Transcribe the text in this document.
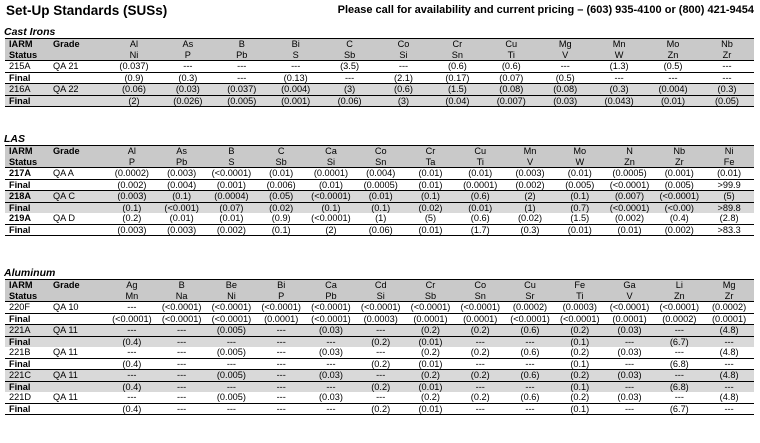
Set-Up Standards (SUSs)	Please call for availability and current pricing – (603) 935-4100 or (800) 421-9454
Cast Irons
IARM	Grade	Al	As	B	Bi	C	Co	Cr	Cu	Mg	Mn	Mo	Nb
Status		Ni	P	Pb	S	Sb	Si	Sn	Ti	V	W	Zn	Zr
215A	QA 21	(0.037)	---	---	---	(3.5)	---	(0.6)	(0.6)	---	(1.3)	(0.5)	---
Final		(0.9)	(0.3)	---	(0.13)	---	(2.1)	(0.17)	(0.07)	(0.5)	---	---	---
216A	QA 22	(0.06)	(0.03)	(0.037)	(0.004)	(3)	(0.6)	(1.5)	(0.08)	(0.08)	(0.3)	(0.004)	(0.3)
Final		(2)	(0.026)	(0.005)	(0.001)	(0.06)	(3)	(0.04)	(0.007)	(0.03)	(0.043)	(0.01)	(0.05)
LAS
IARM	Grade	Al	As	B	C	Ca	Co	Cr	Cu	Mn	Mo	N	Nb	Ni
Status		P	Pb	S	Sb	Si	Sn	Ta	Ti	V	W	Zn	Zr	Fe
217A	QA A	(0.0002)	(0.003)	(<0.0001)	(0.01)	(0.0001)	(0.004)	(0.01)	(0.01)	(0.003)	(0.01)	(0.0005)	(0.001)	(0.01)
Final		(0.002)	(0.004)	(0.001)	(0.006)	(0.01)	(0.0005)	(0.01)	(0.0001)	(0.002)	(0.005)	(<0.0001)	(0.005)	>99.9
218A	QA C	(0.003)	(0.1)	(0.0004)	(0.05)	(<0.0001)	(0.01)	(0.1)	(0.6)	(2)	(0.1)	(0.007)	(<0.0001)	(5)
Final		(0.1)	(<0.001)	(0.07)	(0.02)	(0.1)	(0.1)	(0.02)	(0.01)	(1)	(0.7)	(<0.0001)	(<0.00)	>89.8
219A	QA D	(0.2)	(0.01)	(0.01)	(0.9)	(<0.0001)	(1)	(5)	(0.6)	(0.02)	(1.5)	(0.002)	(0.4)	(2.8)
Final		(0.003)	(0.003)	(0.002)	(0.1)	(2)	(0.06)	(0.01)	(1.7)	(0.3)	(0.01)	(0.01)	(0.002)	>83.3
Aluminum
IARM	Grade	Ag	B	Be	Bi	Ca	Cd	Cr	Co	Cu	Fe	Ga	Li	Mg
Status		Mn	Na	Ni	P	Pb	Si	Sb	Sn	Sr	Ti	V	Zn	Zr
220F	QA 10	---	(<0.0001)	(<0.0001)	(<0.0001)	(<0.0001)	(<0.0001)	(<0.0001)	(<0.0001)	(0.0002)	(0.0003)	(<0.0001)	(<0.0001)	(0.0002)
Final		(<0.0001)	(<0.0001)	(<0.0001)	(0.0001)	(<0.0001)	(0.0003)	(0.0001)	(0.0001)	(<0.0001)	(<0.0001)	(0.0001)	(0.0002)	(0.0001)
221A	QA 11	---	---	(0.005)	---	(0.03)	---	(0.2)	(0.2)	(0.6)	(0.2)	(0.03)	---	(4.8)
Final		(0.4)	---	---	---	---	(0.2)	(0.01)	---	---	(0.1)	---	(6.7)	---
221B	QA 11	---	---	(0.005)	---	(0.03)	---	(0.2)	(0.2)	(0.6)	(0.2)	(0.03)	---	(4.8)
Final		(0.4)	---	---	---	---	(0.2)	(0.01)	---	---	(0.1)	---	(6.8)	---
221C	QA 11	---	---	(0.005)	---	(0.03)	---	(0.2)	(0.2)	(0.6)	(0.2)	(0.03)	---	(4.8)
Final		(0.4)	---	---	---	---	(0.2)	(0.01)	---	---	(0.1)	---	(6.8)	---
221D	QA 11	---	---	(0.005)	---	(0.03)	---	(0.2)	(0.2)	(0.6)	(0.2)	(0.03)	---	(4.8)
Final		(0.4)	---	---	---	---	(0.2)	(0.01)	---	---	(0.1)	---	(6.7)	---
